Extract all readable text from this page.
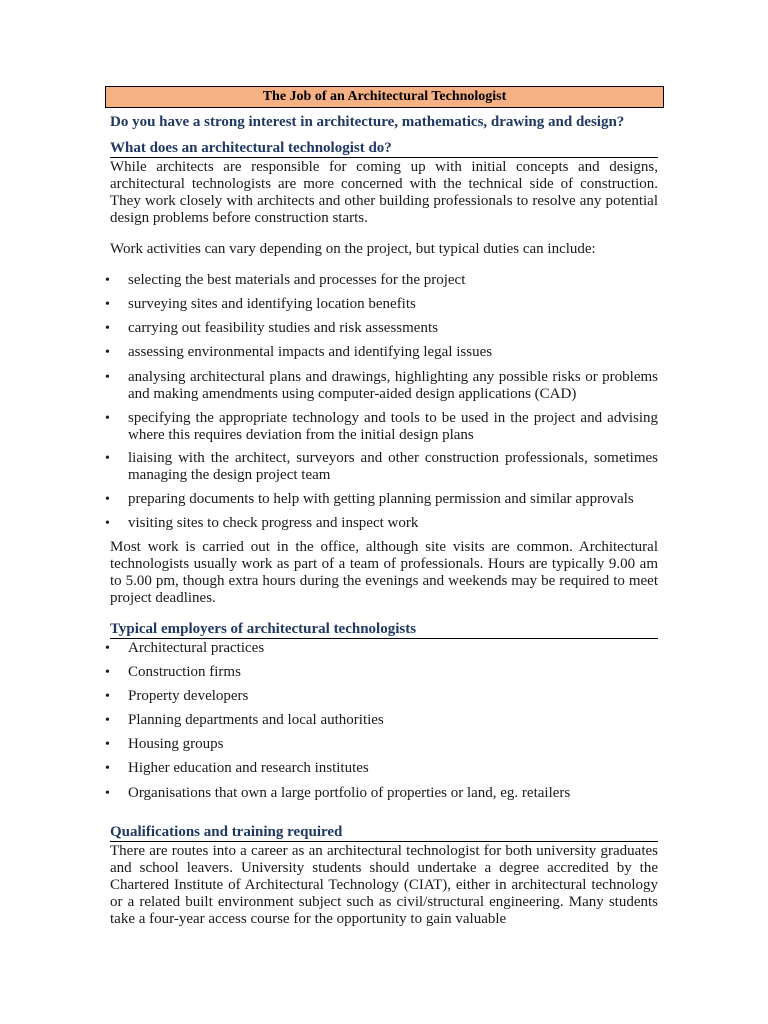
The Job of an Architectural Technologist
Do you have a strong interest in architecture, mathematics, drawing and design?
What does an architectural technologist do?

While architects are responsible for coming up with initial concepts and designs, architectural technologists are more concerned with the technical side of construction. They work closely with architects and other building professionals to resolve any potential design problems before construction starts.

Work activities can vary depending on the project, but typical duties can include:

• selecting the best materials and processes for the project
• surveying sites and identifying location benefits
• carrying out feasibility studies and risk assessments
• assessing environmental impacts and identifying legal issues
• analysing architectural plans and drawings, highlighting any possible risks or problems and making amendments using computer-aided design applications (CAD)
• specifying the appropriate technology and tools to be used in the project and advising where this requires deviation from the initial design plans
• liaising with the architect, surveyors and other construction professionals, sometimes managing the design project team
• preparing documents to help with getting planning permission and similar approvals
• visiting sites to check progress and inspect work

Most work is carried out in the office, although site visits are common. Architectural technologists usually work as part of a team of professionals. Hours are typically 9.00 am to 5.00 pm, though extra hours during the evenings and weekends may be required to meet project deadlines.

Typical employers of architectural technologists
• Architectural practices
• Construction firms
• Property developers
• Planning departments and local authorities
• Housing groups
• Higher education and research institutes
• Organisations that own a large portfolio of properties or land, eg. retailers
Qualifications and training required

There are routes into a career as an architectural technologist for both university graduates and school leavers. University students should undertake a degree accredited by the Chartered Institute of Architectural Technology (CIAT), either in architectural technology or a related built environment subject such as civil/structural engineering. Many students take a four-year access course for the opportunity to gain valuable
